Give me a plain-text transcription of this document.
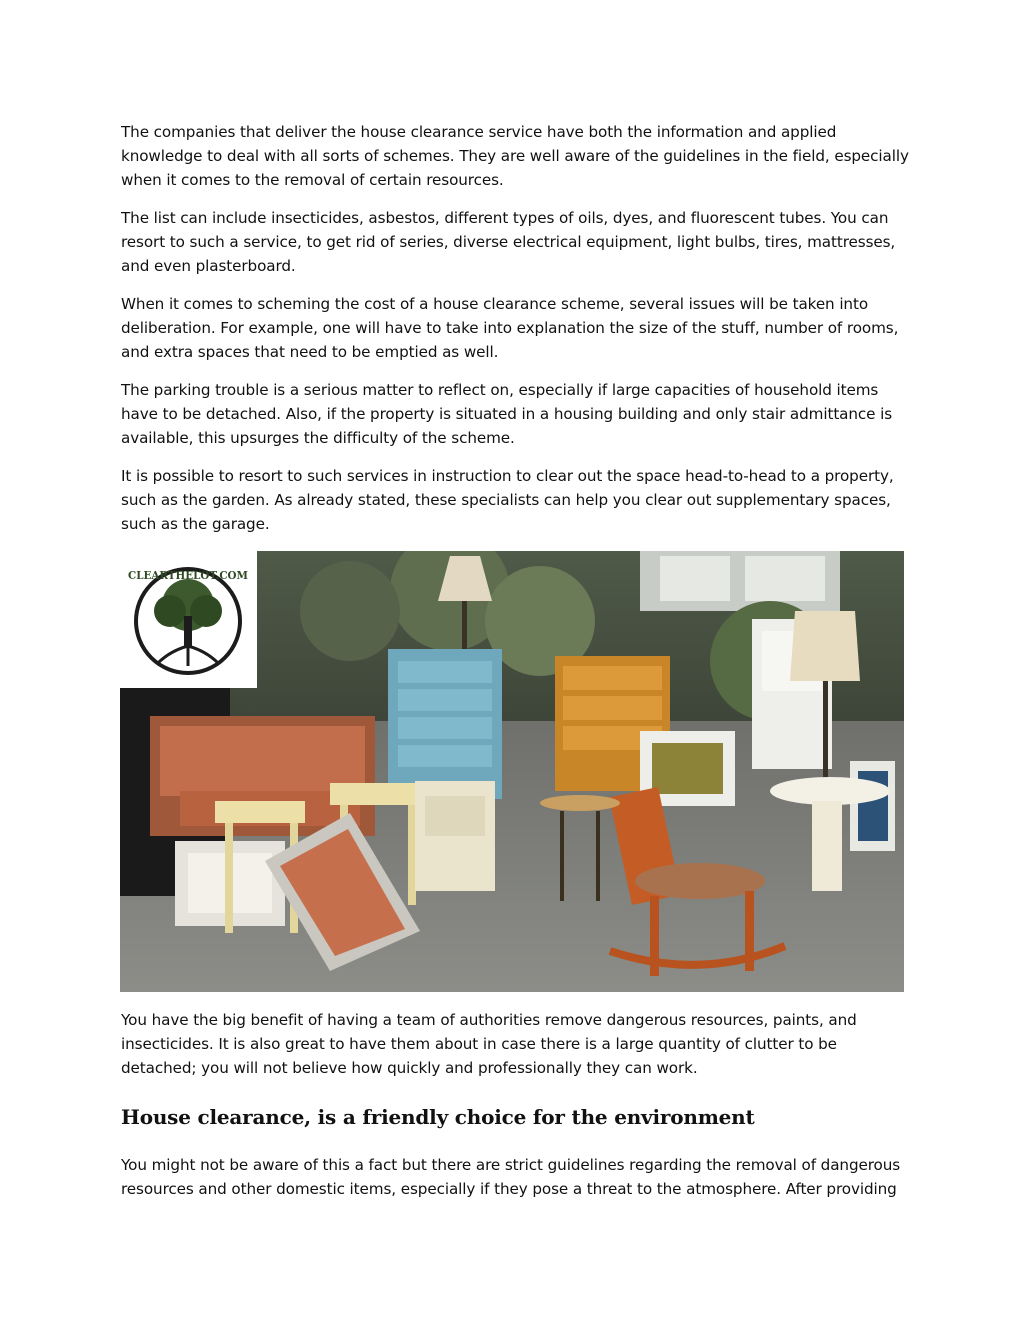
The companies that deliver the house clearance service have both the information and applied knowledge to deal with all sorts of schemes. They are well aware of the guidelines in the field, especially when it comes to the removal of certain resources.

The list can include insecticides, asbestos, different types of oils, dyes, and fluorescent tubes. You can resort to such a service, to get rid of series, diverse electrical equipment, light bulbs, tires, mattresses, and even plasterboard.

When it comes to scheming the cost of a house clearance scheme, several issues will be taken into deliberation. For example, one will have to take into explanation the size of the stuff, number of rooms, and extra spaces that need to be emptied as well.

The parking trouble is a serious matter to reflect on, especially if large capacities of household items have to be detached. Also, if the property is situated in a housing building and only stair admittance is available, this upsurges the difficulty of the scheme.

It is possible to resort to such services in instruction to clear out the space head-to-head to a property, such as the garden. As already stated, these specialists can help you clear out supplementary spaces, such as the garage.

CLEARTHELOT.COM

You have the big benefit of having a team of authorities remove dangerous resources, paints, and insecticides. It is also great to have them about in case there is a large quantity of clutter to be detached; you will not believe how quickly and professionally they can work.

House clearance, is a friendly choice for the environment

You might not be aware of this a fact but there are strict guidelines regarding the removal of dangerous resources and other domestic items, especially if they pose a threat to the atmosphere. After providing
